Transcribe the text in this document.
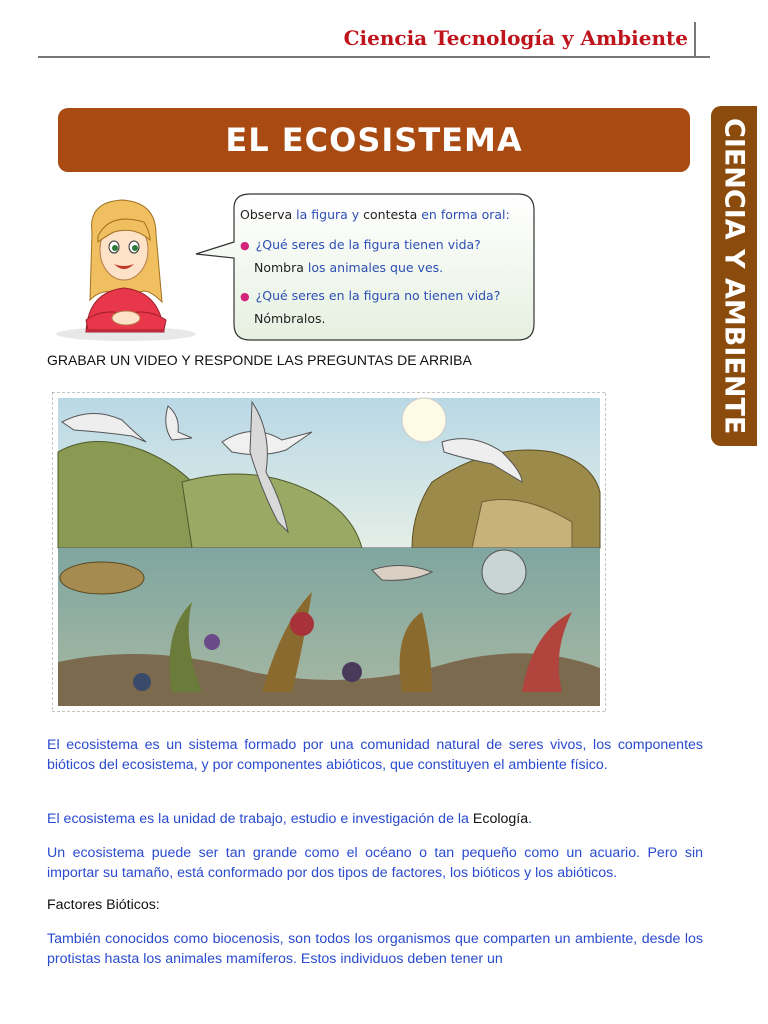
Ciencia Tecnología y Ambiente
CIENCIA Y AMBIENTE
EL ECOSISTEMA
Observa la figura y contesta en forma oral:
● ¿Qué seres de la figura tienen vida?
Nombra los animales que ves.
● ¿Qué seres en la figura no tienen vida?
Nómbralos.
GRABAR UN VIDEO Y RESPONDE LAS PREGUNTAS DE ARRIBA
El ecosistema es un sistema formado por una comunidad natural de seres vivos, los componentes bióticos del ecosistema, y por componentes abióticos, que constituyen el ambiente físico.
El ecosistema es la unidad de trabajo, estudio e investigación de la Ecología.
Un ecosistema puede ser tan grande como el océano o tan pequeño como un acuario. Pero sin importar su tamaño, está conformado por dos tipos de factores, los bióticos y los abióticos.
Factores Bióticos:
También conocidos como biocenosis, son todos los organismos que comparten un ambiente, desde los protistas hasta los animales mamíferos. Estos individuos deben tener un
